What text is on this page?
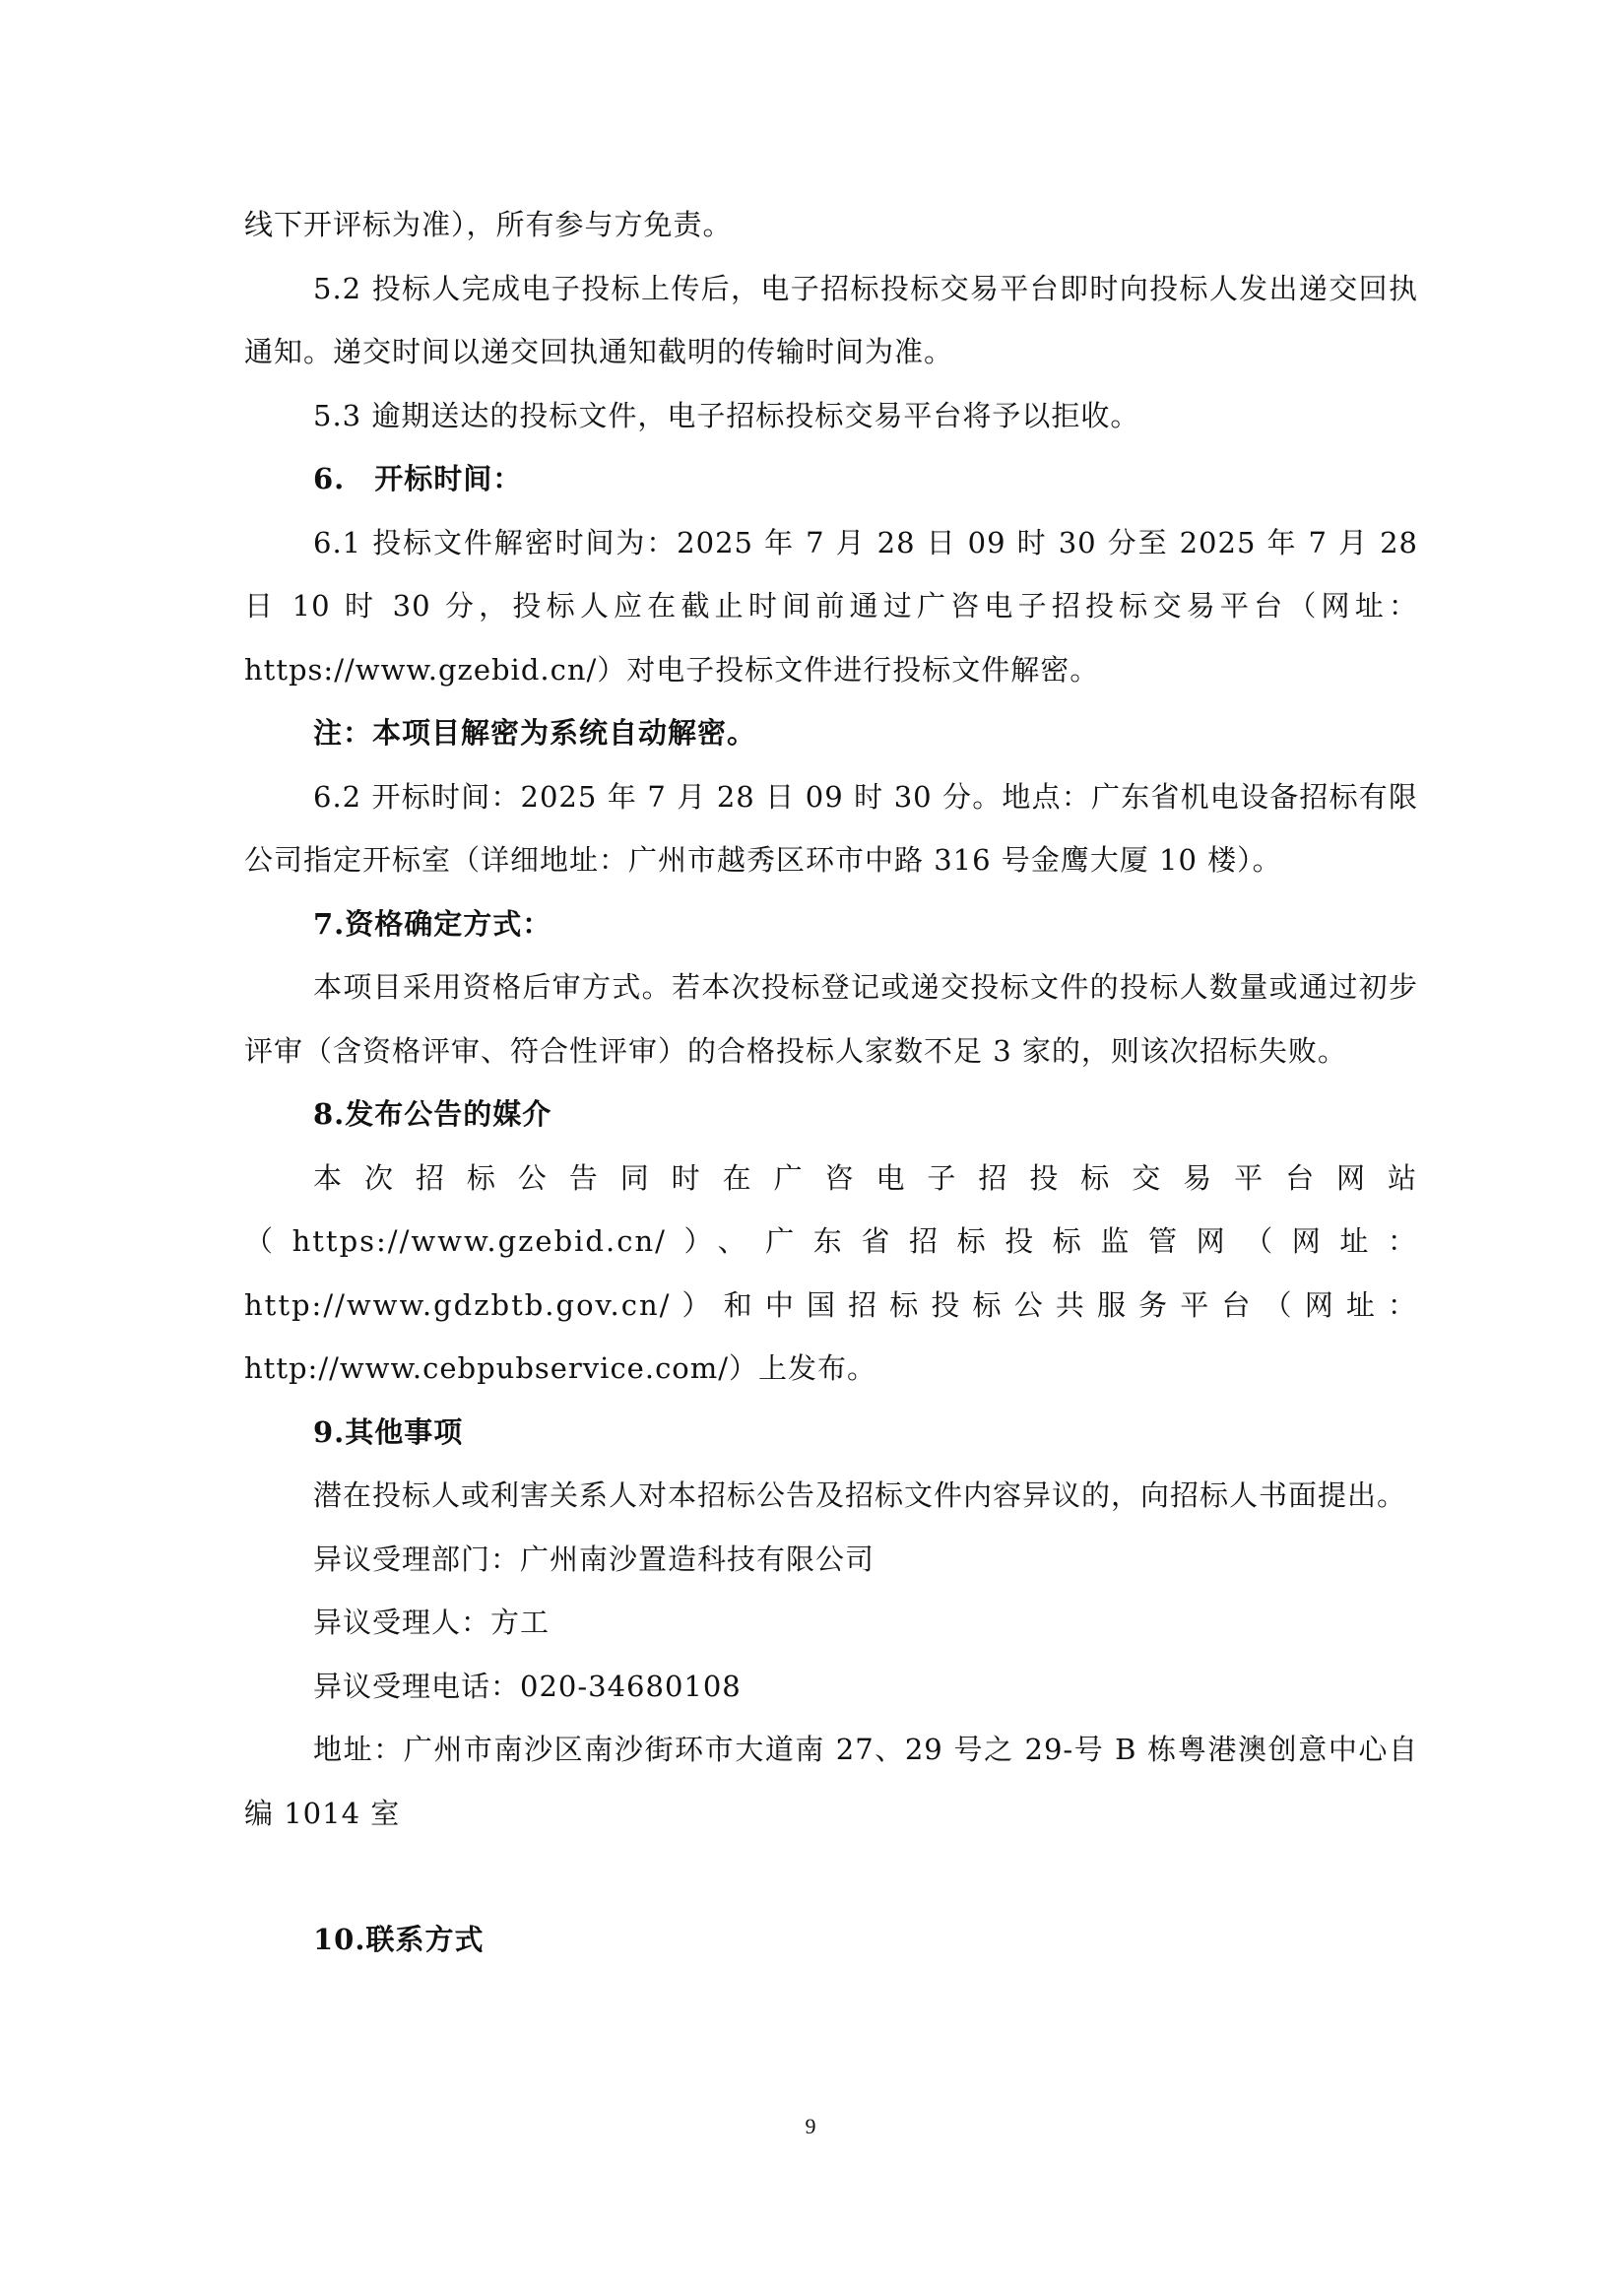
线下开评标为准），所有参与方免责。

5.2 投标人完成电子投标上传后，电子招标投标交易平台即时向投标人发出递交回执通知。递交时间以递交回执通知截明的传输时间为准。

5.3 逾期送达的投标文件，电子招标投标交易平台将予以拒收。

6.　开标时间：

6.1 投标文件解密时间为：2025 年 7 月 28 日 09 时 30 分至 2025 年 7 月 28 日 10 时 30 分，投标人应在截止时间前通过广咨电子招投标交易平台（网址：https://www.gzebid.cn/）对电子投标文件进行投标文件解密。

注：本项目解密为系统自动解密。

6.2 开标时间：2025 年 7 月 28 日 09 时 30 分。地点：广东省机电设备招标有限公司指定开标室（详细地址：广州市越秀区环市中路 316 号金鹰大厦 10 楼）。

7.资格确定方式：

本项目采用资格后审方式。若本次投标登记或递交投标文件的投标人数量或通过初步评审（含资格评审、符合性评审）的合格投标人家数不足 3 家的，则该次招标失败。

8.发布公告的媒介

本次招标公告同时在广咨电子招投标交易平台网站

（https://www.gzebid.cn/）、广东省招标投标监管网（网址：

http://www.gdzbtb.gov.cn/）和中国招标投标公共服务平台（网址：

http://www.cebpubservice.com/）上发布。

9.其他事项

潜在投标人或利害关系人对本招标公告及招标文件内容异议的，向招标人书面提出。

异议受理部门：广州南沙置造科技有限公司

异议受理人：方工

异议受理电话：020-34680108

地址：广州市南沙区南沙街环市大道南 27、29 号之 29-号 B 栋粤港澳创意中心自编 1014 室

10.联系方式

9
